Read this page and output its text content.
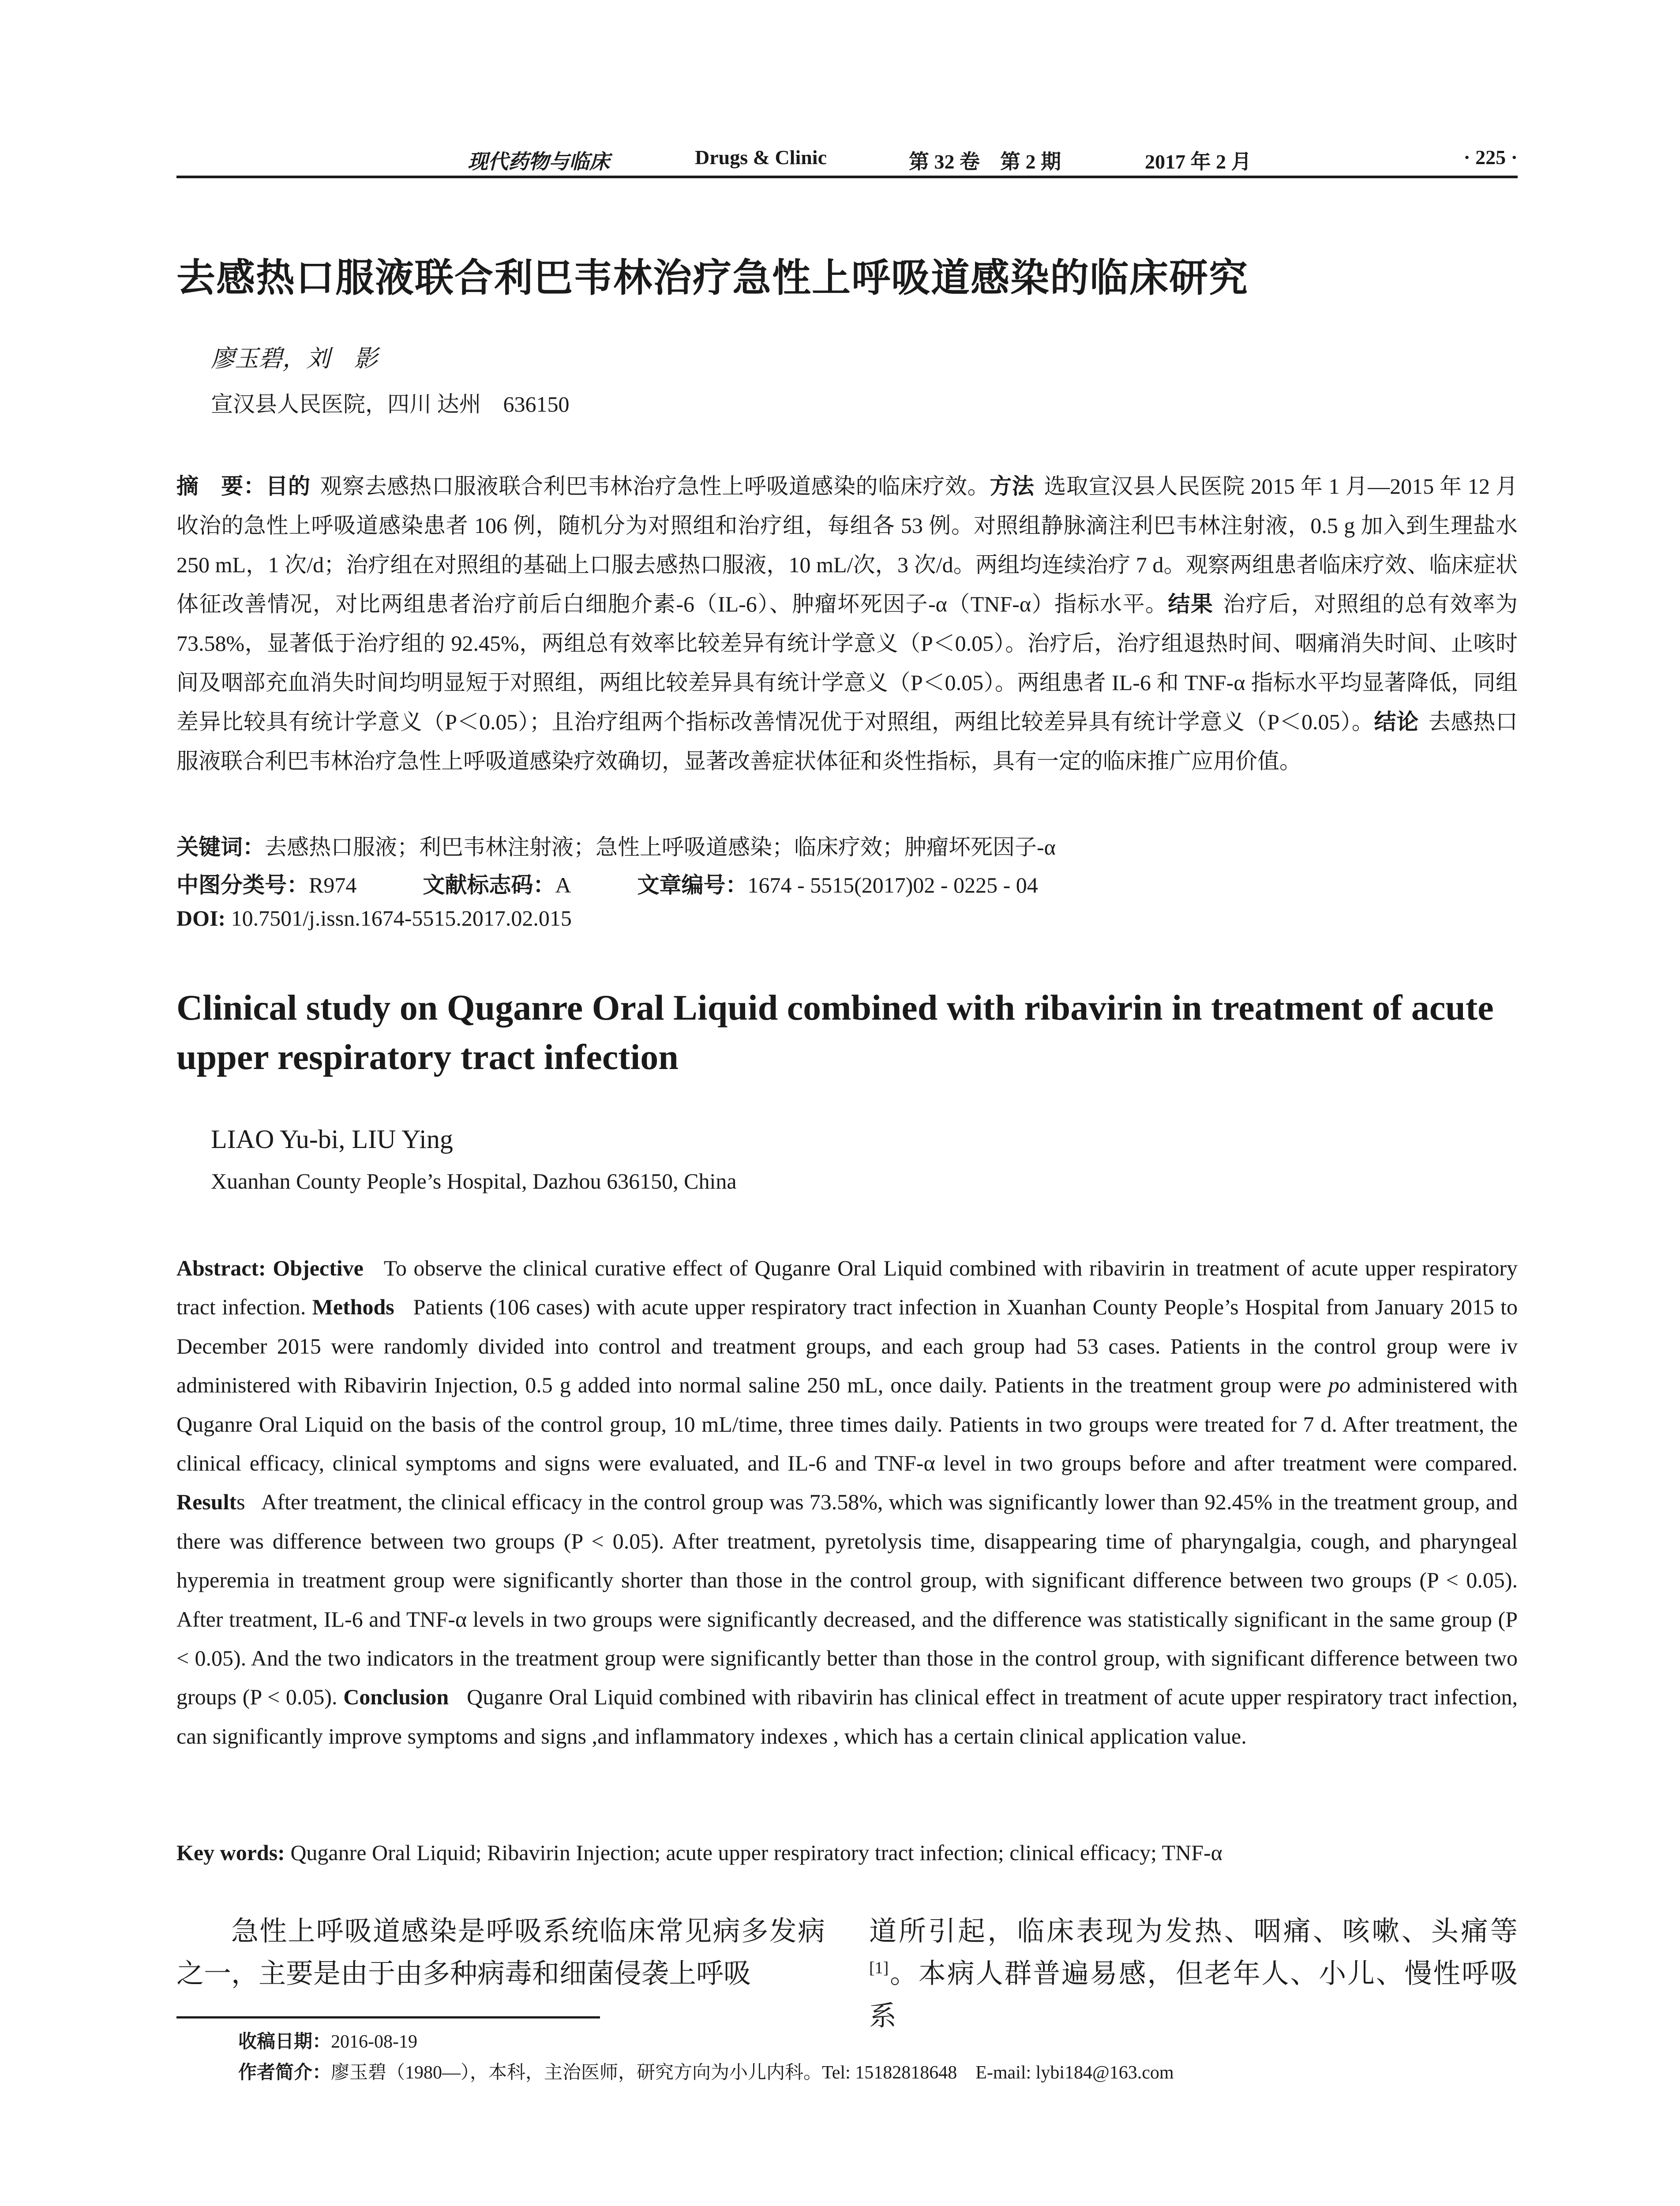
现代药物与临床	Drugs & Clinic	第 32 卷　第 2 期	2017 年 2 月	· 225 ·
去感热口服液联合利巴韦林治疗急性上呼吸道感染的临床研究
廖玉碧，刘　影
宣汉县人民医院，四川 达州　636150
摘　要：目的 观察去感热口服液联合利巴韦林治疗急性上呼吸道感染的临床疗效。方法 选取宣汉县人民医院 2015 年 1 月—2015 年 12 月收治的急性上呼吸道感染患者 106 例，随机分为对照组和治疗组，每组各 53 例。对照组静脉滴注利巴韦林注射液，0.5 g 加入到生理盐水 250 mL，1 次/d；治疗组在对照组的基础上口服去感热口服液，10 mL/次，3 次/d。两组均连续治疗 7 d。观察两组患者临床疗效、临床症状体征改善情况，对比两组患者治疗前后白细胞介素-6（IL-6）、肿瘤坏死因子-α（TNF-α）指标水平。结果 治疗后，对照组的总有效率为 73.58%，显著低于治疗组的 92.45%，两组总有效率比较差异有统计学意义（P＜0.05）。治疗后，治疗组退热时间、咽痛消失时间、止咳时间及咽部充血消失时间均明显短于对照组，两组比较差异具有统计学意义（P＜0.05）。两组患者 IL-6 和 TNF-α 指标水平均显著降低，同组差异比较具有统计学意义（P＜0.05）；且治疗组两个指标改善情况优于对照组，两组比较差异具有统计学意义（P＜0.05）。结论 去感热口服液联合利巴韦林治疗急性上呼吸道感染疗效确切，显著改善症状体征和炎性指标，具有一定的临床推广应用价值。
关键词：去感热口服液；利巴韦林注射液；急性上呼吸道感染；临床疗效；肿瘤坏死因子-α
中图分类号：R974	文献标志码：A	文章编号：1674 - 5515(2017)02 - 0225 - 04
DOI: 10.7501/j.issn.1674-5515.2017.02.015
Clinical study on Quganre Oral Liquid combined with ribavirin in treatment of acute upper respiratory tract infection
LIAO Yu-bi, LIU Ying
Xuanhan County People’s Hospital, Dazhou 636150, China
Abstract: Objective To observe the clinical curative effect of Quganre Oral Liquid combined with ribavirin in treatment of acute upper respiratory tract infection. Methods Patients (106 cases) with acute upper respiratory tract infection in Xuanhan County People’s Hospital from January 2015 to December 2015 were randomly divided into control and treatment groups, and each group had 53 cases. Patients in the control group were iv administered with Ribavirin Injection, 0.5 g added into normal saline 250 mL, once daily. Patients in the treatment group were po administered with Quganre Oral Liquid on the basis of the control group, 10 mL/time, three times daily. Patients in two groups were treated for 7 d. After treatment, the clinical efficacy, clinical symptoms and signs were evaluated, and IL-6 and TNF-α level in two groups before and after treatment were compared. Results After treatment, the clinical efficacy in the control group was 73.58%, which was significantly lower than 92.45% in the treatment group, and there was difference between two groups (P < 0.05). After treatment, pyretolysis time, disappearing time of pharyngalgia, cough, and pharyngeal hyperemia in treatment group were significantly shorter than those in the control group, with significant difference between two groups (P < 0.05). After treatment, IL-6 and TNF-α levels in two groups were significantly decreased, and the difference was statistically significant in the same group (P < 0.05). And the two indicators in the treatment group were significantly better than those in the control group, with significant difference between two groups (P < 0.05). Conclusion Quganre Oral Liquid combined with ribavirin has clinical effect in treatment of acute upper respiratory tract infection, can significantly improve symptoms and signs ,and inflammatory indexes , which has a certain clinical application value.
Key words: Quganre Oral Liquid; Ribavirin Injection; acute upper respiratory tract infection; clinical efficacy; TNF-α
急性上呼吸道感染是呼吸系统临床常见病多发病之一，主要是由于由多种病毒和细菌侵袭上呼吸
道所引起，临床表现为发热、咽痛、咳嗽、头痛等[1]。本病人群普遍易感，但老年人、小儿、慢性呼吸系
收稿日期：2016-08-19
作者简介：廖玉碧（1980—），本科，主治医师，研究方向为小儿内科。Tel: 15182818648　E-mail: lybi184@163.com
